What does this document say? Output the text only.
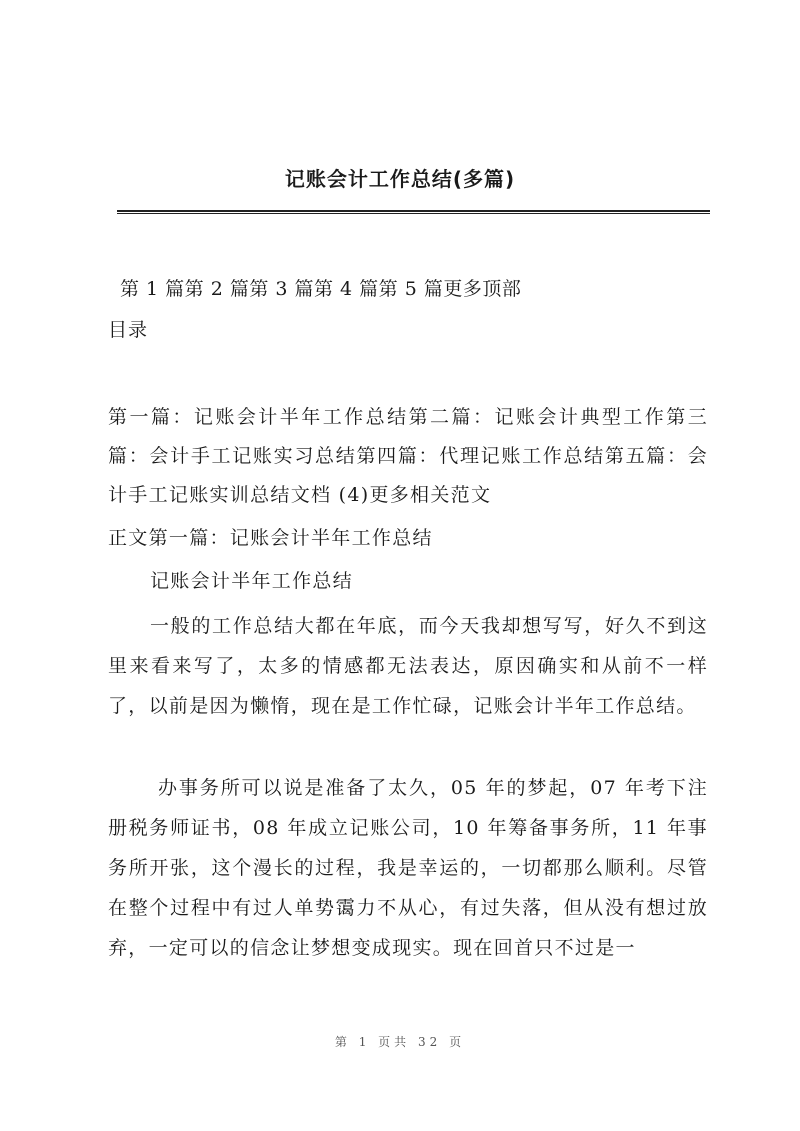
记账会计工作总结(多篇)
第 1 篇第 2 篇第 3 篇第 4 篇第 5 篇更多顶部
目录
第一篇：记账会计半年工作总结第二篇：记账会计典型工作第三篇：会计手工记账实习总结第四篇：代理记账工作总结第五篇：会计手工记账实训总结文档 (4)更多相关范文
正文第一篇：记账会计半年工作总结
记账会计半年工作总结
一般的工作总结大都在年底，而今天我却想写写，好久不到这里来看来写了，太多的情感都无法表达，原因确实和从前不一样了，以前是因为懒惰，现在是工作忙碌，记账会计半年工作总结。
办事务所可以说是准备了太久，05 年的梦起，07 年考下注册税务师证书，08 年成立记账公司，10 年筹备事务所，11 年事务所开张，这个漫长的过程，我是幸运的，一切都那么顺利。尽管在整个过程中有过人单势霭力不从心，有过失落，但从没有想过放弃，一定可以的信念让梦想变成现实。现在回首只不过是一
第 1 页共 32 页
